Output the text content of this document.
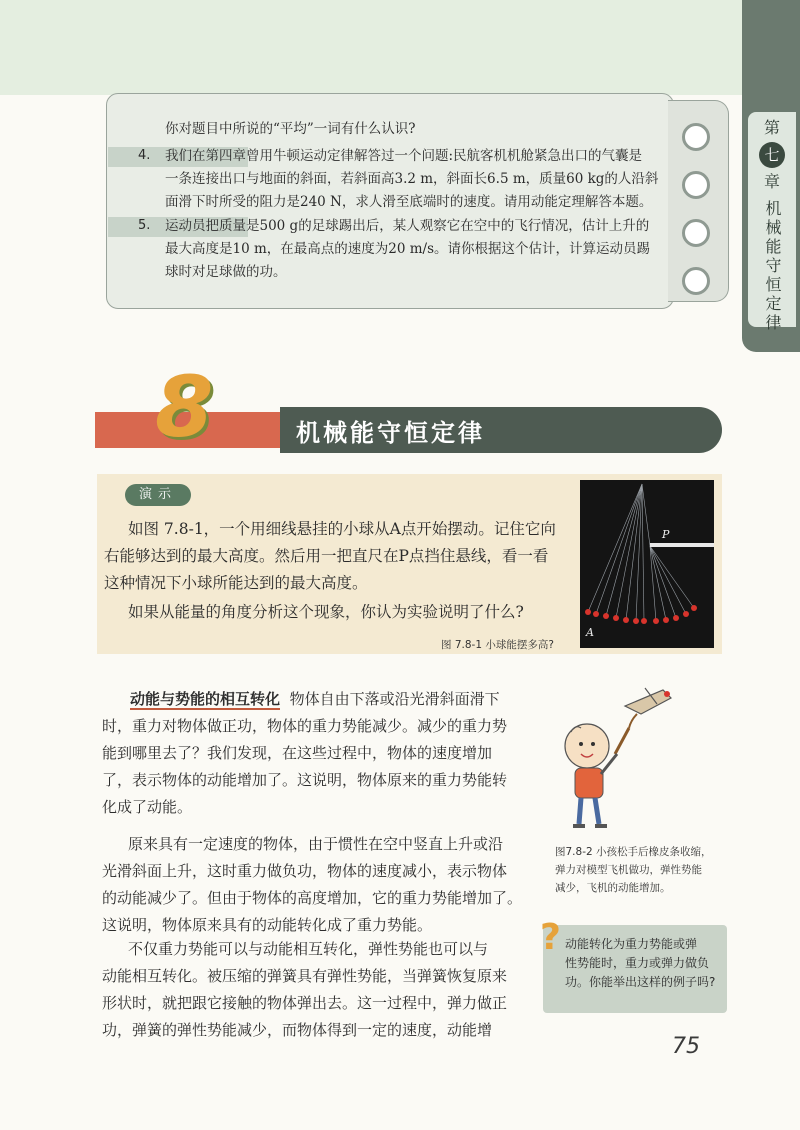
第
七
章
机械能守恒定律
你对题目中所说的“平均”一词有什么认识?
4. 我们在第四章曾用牛顿运动定律解答过一个问题:民航客机机舱紧急出口的气囊是
一条连接出口与地面的斜面，若斜面高3.2 m，斜面长6.5 m，质量60 kg的人沿斜
面滑下时所受的阻力是240 N，求人滑至底端时的速度。请用动能定理解答本题。
5. 运动员把质量是500 g的足球踢出后，某人观察它在空中的飞行情况，估计上升的
最大高度是10 m，在最高点的速度为20 m/s。请你根据这个估计，计算运动员踢
球时对足球做的功。
8	机械能守恒定律
演示
如图 7.8-1，一个用细线悬挂的小球从A点开始摆动。记住它向
右能够达到的最大高度。然后用一把直尺在P点挡住悬线，看一看
这种情况下小球所能达到的最大高度。
如果从能量的角度分析这个现象，你认为实验说明了什么?
P
A
图 7.8-1 小球能摆多高?
动能与势能的相互转化 物体自由下落或沿光滑斜面滑下
时，重力对物体做正功，物体的重力势能减少。减少的重力势
能到哪里去了？我们发现，在这些过程中，物体的速度增加
了，表示物体的动能增加了。这说明，物体原来的重力势能转
化成了动能。
原来具有一定速度的物体，由于惯性在空中竖直上升或沿
光滑斜面上升，这时重力做负功，物体的速度减小，表示物体
的动能减少了。但由于物体的高度增加，它的重力势能增加了。
这说明，物体原来具有的动能转化成了重力势能。
不仅重力势能可以与动能相互转化，弹性势能也可以与
动能相互转化。被压缩的弹簧具有弹性势能，当弹簧恢复原来
形状时，就把跟它接触的物体弹出去。这一过程中，弹力做正
功，弹簧的弹性势能减少，而物体得到一定的速度，动能增
图7.8-2 小孩松手后橡皮条收缩，
弹力对模型飞机做功，弹性势能
减少，飞机的动能增加。
? 动能转化为重力势能或弹
性势能时，重力或弹力做负
功。你能举出这样的例子吗?
75
